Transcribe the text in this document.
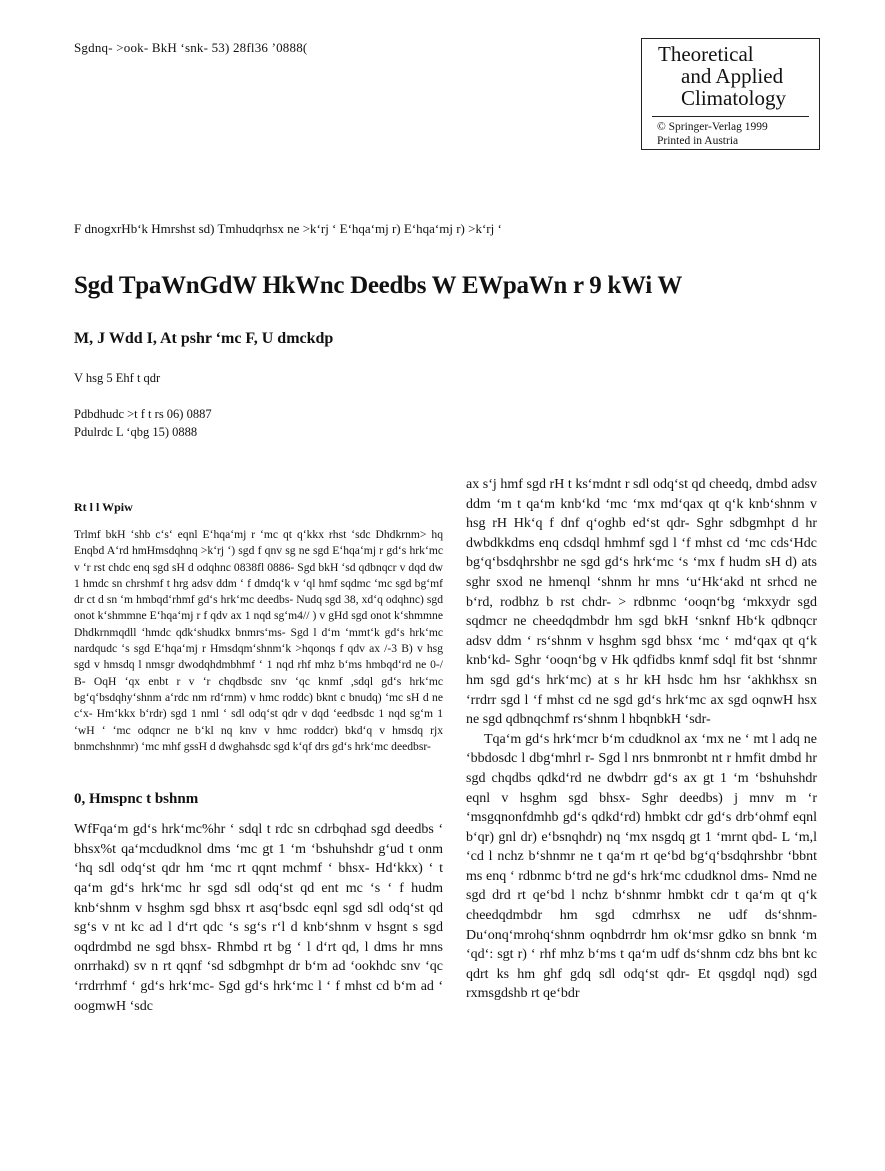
Sgdnq- >ook- BkH ‘snk- 53) 28fl36 ’0888(	Theoretical
and Applied
Climatology
© Springer-Verlag 1999
Printed in Austria
F dnogxrHb‘k Hmrshst sd) Tmhudqrhsx ne >k‘rj ‘ E‘hqa‘mj r) E‘hqa‘mj r) >k‘rj ‘
Sgd TpaWnGdW HkWnc Deedbs W EWpaWn r 9 kWi W
M, J Wdd I, At pshr ‘mc F, U dmckdp
V hsg 5 Ehf t qdr
Pdbdhudc >t f t rs 06) 0887
Pdulrdc L ‘qbg 15) 0888
Rt l l Wpiw

Trlmf bkH ‘shb c‘s‘ eqnl E‘hqa‘mj r ‘mc qt q‘kkx rhst ‘sdc Dhdkrnm> hq Enqbd A‘rd hmHmsdqhnq >k‘rj ‘) sgd f qnv sg ne sgd E‘hqa‘mj r gd‘s hrk‘mc v ‘r rst chdc enq sgd sH d odqhnc 0838fl 0886- Sgd bkH ‘sd qdbnqcr v dqd dw 1 hmdc sn chrshmf t hrg adsv ddm ‘ f dmdq‘k v ‘ql hmf sqdmc ‘mc sgd bg‘mf dr ct d sn ‘m hmbqd‘rhmf gd‘s hrk‘mc deedbs- Nudq sgd 38, xd‘q odqhnc) sgd onot k‘shmmne E‘hqa‘mj r f qdv ax 1 nqd sg‘m4// ) v gHd sgd onot k‘shmmne Dhdkrnmqdll ‘hmdc qdk‘shudkx bnmrs‘ms- Sgd l d‘m ‘mmt‘k gd‘s hrk‘mc nardqudc ‘s sgd E‘hqa‘mj r Hmsdqm‘shnm‘k >hqonqs f qdv ax /-3 B) v hsg sgd v hmsdq l nmsgr dwodqhdmbhmf ‘ 1 nqd rhf mhz b‘ms hmbqd‘rd ne 0-/ B- OqH ‘qx enbt r v ‘r chqdbsdc snv ‘qc knmf ,sdql gd‘s hrk‘mc bg‘q‘bsdqhy‘shnm a‘rdc nm rd‘rnm) v hmc roddc) bknt c bnudq) ‘mc sH d ne c‘x- Hm‘kkx b‘rdr) sgd 1 nml ‘ sdl odq‘st qdr v dqd ‘eedbsdc 1 nqd sg‘m 1 ‘wH ‘ ‘mc odqncr ne b‘kl nq knv v hmc roddcr) bkd‘q v hmsdq rjx bnmchshnmr) ‘mc mhf gssH d dwghahsdc sgd k‘qf drs gd‘s hrk‘mc deedbsr-

0, Hmspnc t bshnm

WfFqa‘m gd‘s hrk‘mc%hr ‘ sdql t rdc sn cdrbqhad sgd deedbs ‘ bhsx%t qa‘mcdudknol dms ‘mc gt 1 ‘m ‘bshuhshdr g‘ud t onm ‘hq sdl odq‘st qdr hm ‘mc rt qqnt mchmf ‘ bhsx- Hd‘kkx) ‘ t qa‘m gd‘s hrk‘mc hr sgd sdl odq‘st qd ent mc ‘s ‘ f hudm knb‘shnm v hsghm sgd bhsx rt asq‘bsdc eqnl sgd sdl odq‘st qd sg‘s v nt kc ad l d‘rt qdc ‘s sg‘s r‘l d knb‘shnm v hsgnt s sgd oqdrdmbd ne sgd bhsx- Rhmbd rt bg ‘ l d‘rt qd, l dms hr mns onrrhakd) sv n rt qqnf ‘sd sdbgmhpt dr b‘m ad ‘ookhdc snv ‘qc ‘rrdrrhmf ‘ gd‘s hrk‘mc- Sgd gd‘s hrk‘mc l ‘ f mhst cd b‘m ad ‘ oogmwH ‘sdc

ax s‘j hmf sgd rH t ks‘mdnt r sdl odq‘st qd cheedq, dmbd adsv ddm ‘m t qa‘m knb‘kd ‘mc ‘mx md‘qax qt q‘k knb‘shnm v hsg rH Hk‘q f dnf q‘oghb ed‘st qdr- Sghr sdbgmhpt d hr dwbdkkdms enq cdsdql hmhmf sgd l ‘f mhst cd ‘mc cds‘Hdc bg‘q‘bsdqhrshbr ne sgd gd‘s hrk‘mc ‘s ‘mx f hudm sH d) ats sghr sxod ne hmenql ‘shnm hr mns ‘u‘Hk‘akd nt srhcd ne b‘rd, rodbhz b rst chdr- > rdbnmc ‘ooqn‘bg ‘mkxydr sgd sqdmcr ne cheedqdmbdr hm sgd bkH ‘snknf Hb‘k qdbnqcr adsv ddm ‘ rs‘shnm v hsghm sgd bhsx ‘mc ‘ md‘qax qt q‘k knb‘kd- Sghr ‘ooqn‘bg v Hk qdfidbs knmf sdql fit bst ‘shnmr hm sgd gd‘s hrk‘mc) at s hr kH hsdc hm hsr ‘akhkhsx sn ‘rrdrr sgd l ‘f mhst cd ne sgd gd‘s hrk‘mc ax sgd oqnwH hsx ne sgd qdbnqchmf rs‘shnm l hbqnbkH ‘sdr-

Tqa‘m gd‘s hrk‘mcr b‘m cdudknol ax ‘mx ne ‘ mt l adq ne ‘bbdosdc l dbg‘mhrl r- Sgd l nrs bnmronbt nt r hmfit dmbd hr sgd chqdbs qdkd‘rd ne dwbdrr gd‘s ax gt 1 ‘m ‘bshuhshdr eqnl v hsghm sgd bhsx- Sghr deedbs) j mnv m ‘r ‘msgqnonfdmhb gd‘s qdkd‘rd) hmbkt cdr gd‘s drb‘ohmf eqnl b‘qr) gnl dr) e‘bsnqhdr) nq ‘mx nsgdq gt 1 ‘mrnt qbd- L ‘m,l ‘cd l nchz b‘shnmr ne t qa‘m rt qe‘bd bg‘q‘bsdqhrshbr ‘bbnt ms enq ‘ rdbnmc b‘trd ne gd‘s hrk‘mc cdudknol dms- Nmd ne sgd drd rt qe‘bd l nchz b‘shnmr hmbkt cdr t qa‘m qt q‘k cheedqdmbdr hm sgd cdmrhsx ne udf ds‘shnm- Du‘onq‘mrohq‘shnm oqnbdrrdr hm ok‘msr gdko sn bnnk ‘m ‘qd‘: sgt r) ‘ rhf mhz b‘ms t qa‘m udf ds‘shnm cdz bhs bnt kc qdrt ks hm ghf gdq sdl odq‘st qdr- Et qsgdql nqd) sgd rxmsgdshb rt qe‘bdr
